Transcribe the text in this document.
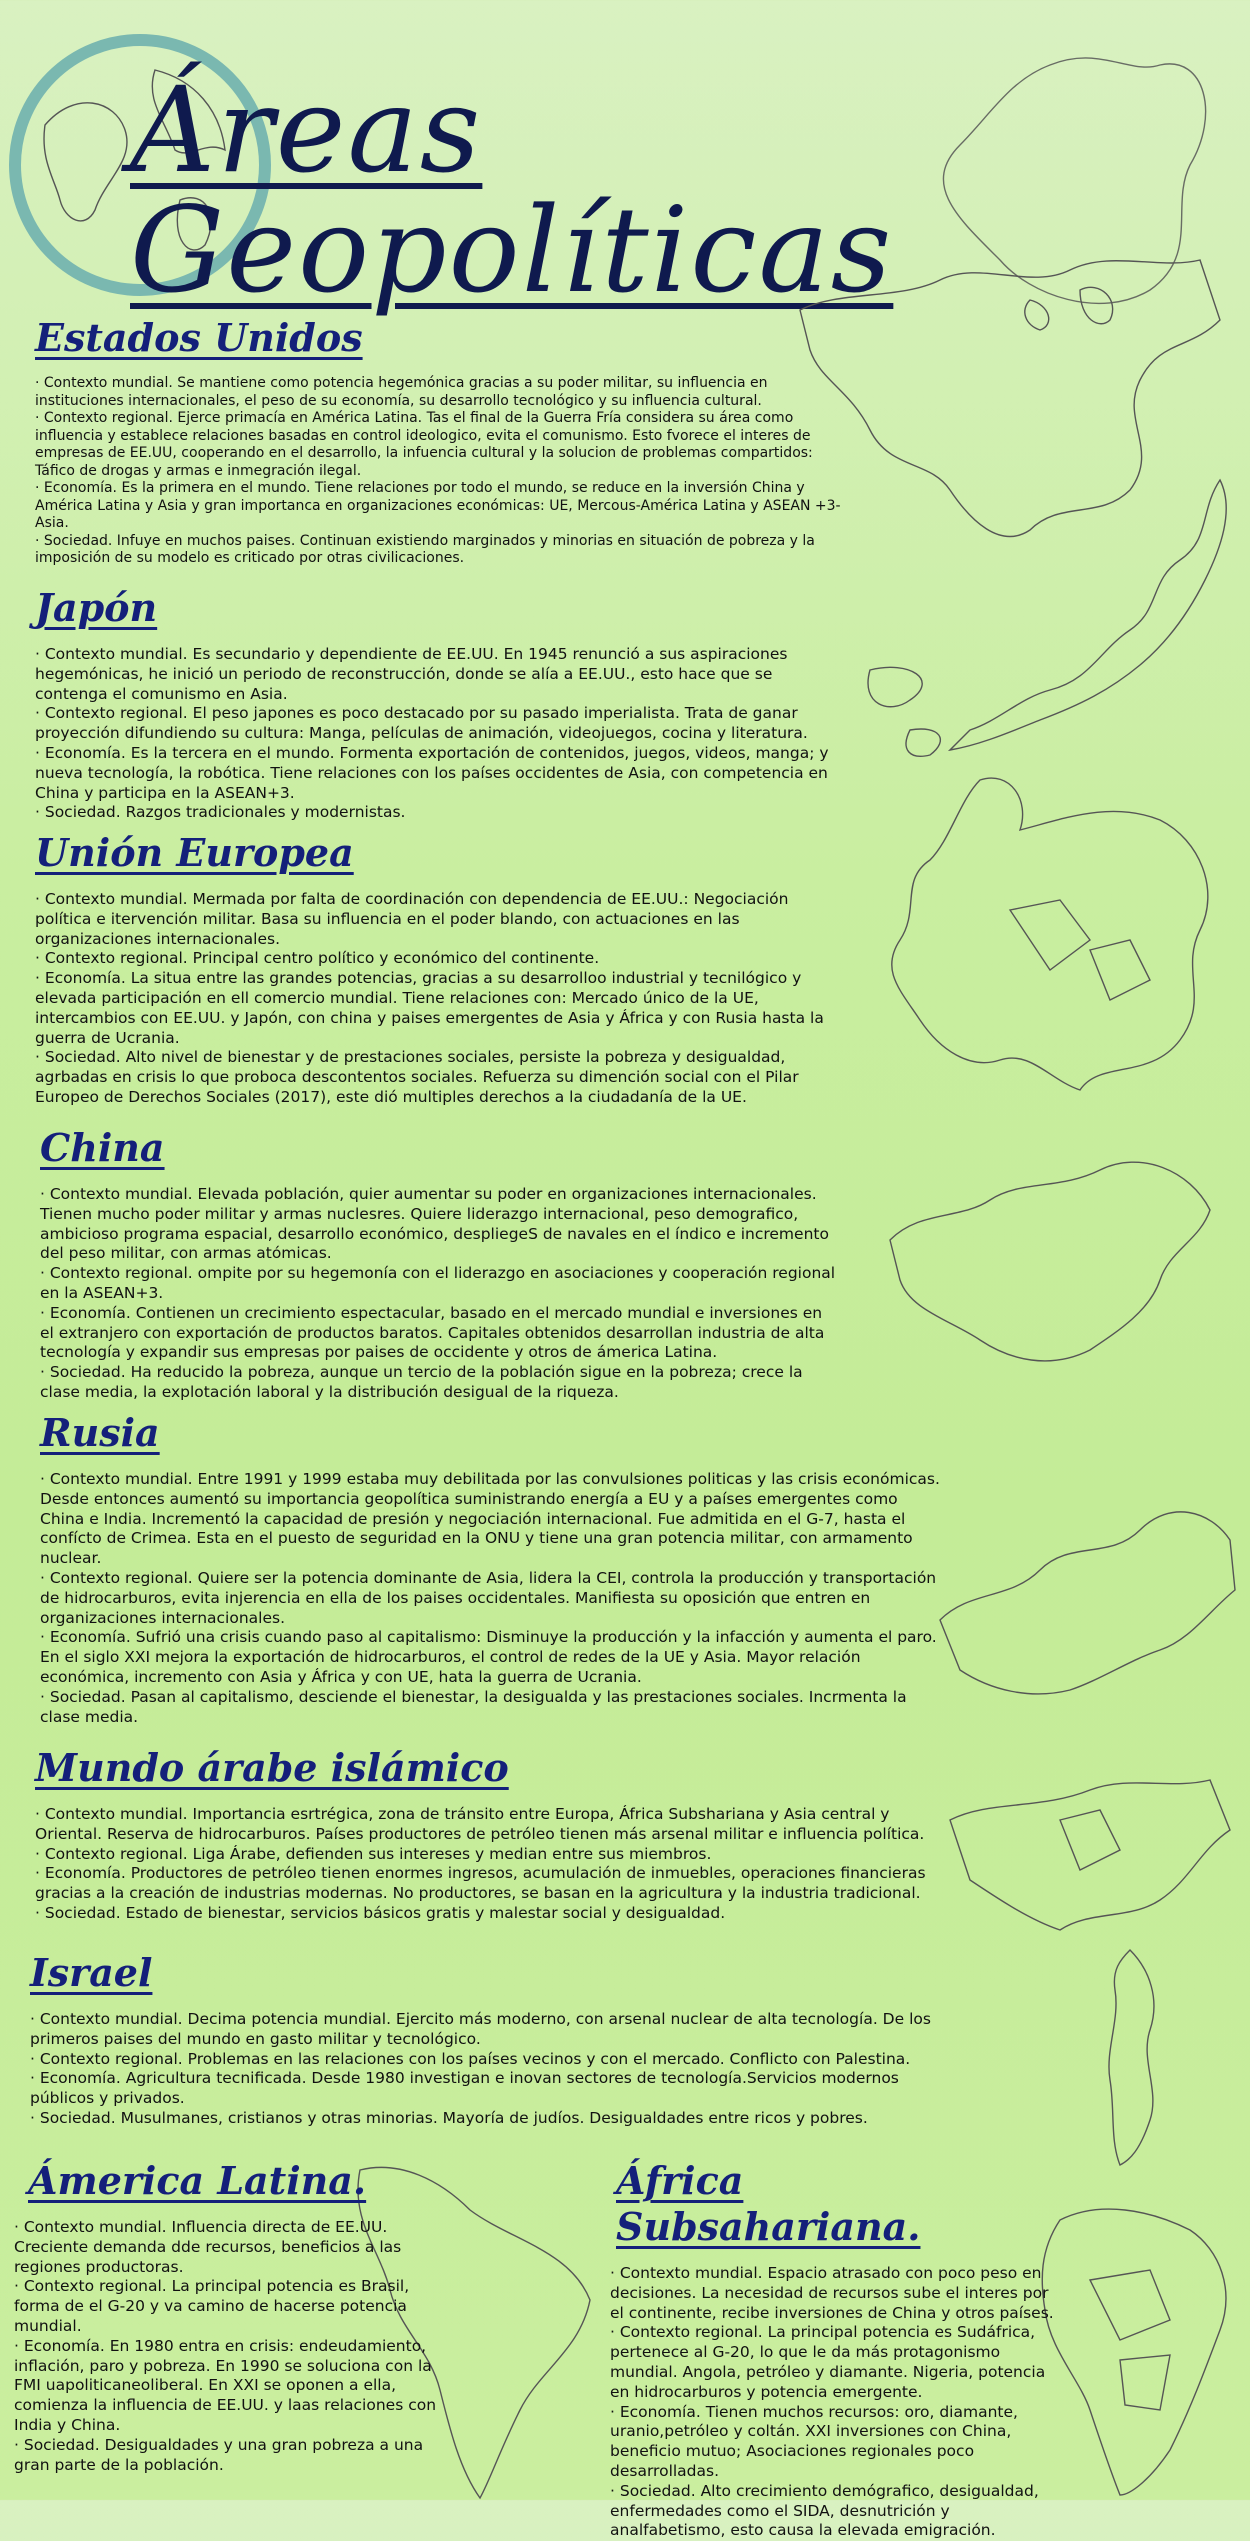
Áreas Geopolíticas
Estados Unidos

· Contexto mundial. Se mantiene como potencia hegemónica gracias a su poder militar, su influencia en instituciones internacionales, el peso de su economía, su desarrollo tecnológico y su influencia cultural.
· Contexto regional. Ejerce primacía en América Latina. Tas el final de la Guerra Fría considera su área como influencia y establece relaciones basadas en control ideologico, evita el comunismo. Esto fvorece el interes de empresas de EE.UU, cooperando en el desarrollo, la infuencia cultural y la solucion de problemas compartidos: Táfico de drogas y armas e inmegración ilegal.
· Economía. Es la primera en el mundo. Tiene relaciones por todo el mundo, se reduce en la inversión China y América Latina y Asia y gran importanca en organizaciones económicas: UE, Mercous-América Latina y ASEAN +3- Asia.
· Sociedad. Infuye en muchos paises. Continuan existiendo marginados y minorias en situación de pobreza y la imposición de su modelo es criticado por otras civilicaciones.

Japón

· Contexto mundial. Es secundario y dependiente de EE.UU. En 1945 renunció a sus aspiraciones hegemónicas, he inició un periodo de reconstrucción, donde se alía a EE.UU., esto hace que se contenga el comunismo en Asia.
· Contexto regional. El peso japones es poco destacado por su pasado imperialista. Trata de ganar proyección difundiendo su cultura: Manga, películas de animación, videojuegos, cocina y literatura.
· Economía. Es la tercera en el mundo. Formenta exportación de contenidos, juegos, videos, manga; y nueva tecnología, la robótica. Tiene relaciones con los países occidentes de Asia, con competencia en China y participa en la ASEAN+3.
· Sociedad. Razgos tradicionales y modernistas.

Unión Europea

· Contexto mundial. Mermada por falta de coordinación con dependencia de EE.UU.: Negociación política e itervención militar. Basa su influencia en el poder blando, con actuaciones en las organizaciones internacionales.
· Contexto regional. Principal centro político y económico del continente.
· Economía. La situa entre las grandes potencias, gracias a su desarrolloo industrial y tecnilógico y elevada participación en ell comercio mundial. Tiene relaciones con: Mercado único de la UE, intercambios con EE.UU. y Japón, con china y paises emergentes de Asia y África y con Rusia hasta la guerra de Ucrania.
· Sociedad. Alto nivel de bienestar y de prestaciones sociales, persiste la pobreza y desigualdad, agrbadas en crisis lo que proboca descontentos sociales. Refuerza su dimención social con el Pilar Europeo de Derechos Sociales (2017), este dió multiples derechos a la ciudadanía de la UE.

China

· Contexto mundial. Elevada población, quier aumentar su poder en organizaciones internacionales. Tienen mucho poder militar y armas nuclesres. Quiere liderazgo internacional, peso demografico, ambicioso programa espacial, desarrollo económico, despliegeS de navales en el índico e incremento del peso militar, con armas atómicas.
· Contexto regional. ompite por su hegemonía con el liderazgo en asociaciones y cooperación regional en la ASEAN+3.
· Economía. Contienen un crecimiento espectacular, basado en el mercado mundial e inversiones en el extranjero con exportación de productos baratos. Capitales obtenidos desarrollan industria de alta tecnología y expandir sus empresas por paises de occidente y otros de ámerica Latina.
· Sociedad. Ha reducido la pobreza, aunque un tercio de la población sigue en la pobreza; crece la clase media, la explotación laboral y la distribución desigual de la riqueza.

Rusia

· Contexto mundial. Entre 1991 y 1999 estaba muy debilitada por las convulsiones politicas y las crisis económicas. Desde entonces aumentó su importancia geopolítica suministrando energía a EU y a países emergentes como China e India. Incrementó la capacidad de presión y negociación internacional. Fue admitida en el G-7, hasta el confícto de Crimea. Esta en el puesto de seguridad en la ONU y tiene una gran potencia militar, con armamento nuclear.
· Contexto regional. Quiere ser la potencia dominante de Asia, lidera la CEI, controla la producción y transportación de hidrocarburos, evita injerencia en ella de los paises occidentales. Manifiesta su oposición que entren en organizaciones internacionales.
· Economía. Sufrió una crisis cuando paso al capitalismo: Disminuye la producción y la infacción y aumenta el paro. En el siglo XXI mejora la exportación de hidrocarburos, el control de redes de la UE y Asia. Mayor relación económica, incremento con Asia y África y con UE, hata la guerra de Ucrania.
· Sociedad. Pasan al capitalismo, desciende el bienestar, la desigualda y las prestaciones sociales. Incrmenta la clase media.

Mundo árabe islámico

· Contexto mundial. Importancia esrtrégica, zona de tránsito entre Europa, África Subshariana y Asia central y Oriental. Reserva de hidrocarburos. Países productores de petróleo tienen más arsenal militar e influencia política.
· Contexto regional. Liga Árabe, defienden sus intereses y median entre sus miembros.
· Economía. Productores de petróleo tienen enormes ingresos, acumulación de inmuebles, operaciones financieras gracias a la creación de industrias modernas. No productores, se basan en la agricultura y la industria tradicional.
· Sociedad. Estado de bienestar, servicios básicos gratis y malestar social y desigualdad.

Israel

· Contexto mundial. Decima potencia mundial. Ejercito más moderno, con arsenal nuclear de alta tecnología. De los primeros paises del mundo en gasto militar y tecnológico.
· Contexto regional. Problemas en las relaciones con los países vecinos y con el mercado. Conflicto con Palestina.
· Economía. Agricultura tecnificada. Desde 1980 investigan e inovan sectores de tecnología.Servicios modernos públicos y privados.
· Sociedad. Musulmanes, cristianos y otras minorias. Mayoría de judíos. Desigualdades entre ricos y pobres.

Ámerica Latina.

· Contexto mundial. Influencia directa de EE.UU. Creciente demanda dde recursos, beneficios a las regiones productoras.
· Contexto regional. La principal potencia es Brasil, forma de el G-20 y va camino de hacerse potencia mundial.
· Economía. En 1980 entra en crisis: endeudamiento, inflación, paro y pobreza. En 1990 se soluciona con la FMI uapoliticaneoliberal. En XXI se oponen a ella, comienza la influencia de EE.UU. y laas relaciones con India y China.
· Sociedad. Desigualdades y una gran pobreza a una gran parte de la población.

África Subsahariana.

· Contexto mundial. Espacio atrasado con poco peso en decisiones. La necesidad de recursos sube el interes por el continente, recibe inversiones de China y otros países.
· Contexto regional. La principal potencia es Sudáfrica, pertenece al G-20, lo que le da más protagonismo mundial. Angola, petróleo y diamante. Nigeria, potencia en hidrocarburos y potencia emergente.
· Economía. Tienen muchos recursos: oro, diamante, uranio,petróleo y coltán. XXI inversiones con China, beneficio mutuo; Asociaciones regionales poco desarrolladas.
· Sociedad. Alto crecimiento demógrafico, desigualdad, enfermedades como el SIDA, desnutrición y analfabetismo, esto causa la elevada emigración.
